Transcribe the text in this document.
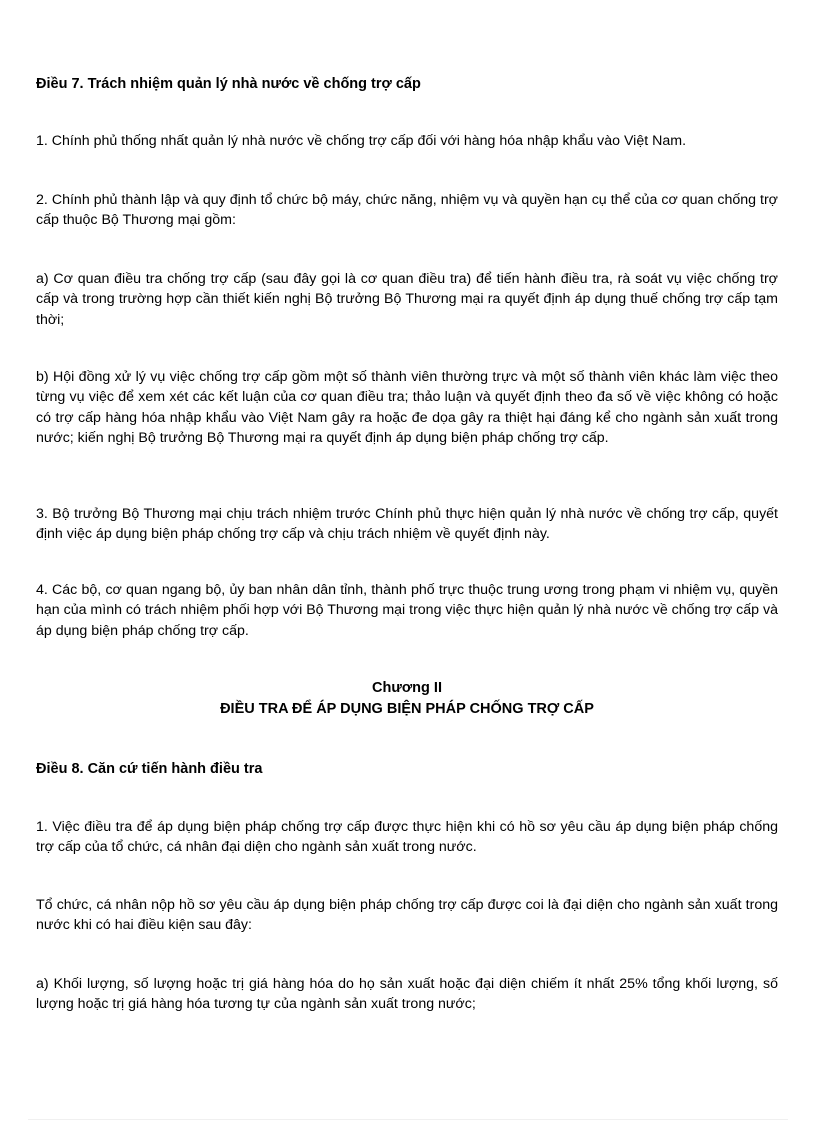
Điều 7. Trách nhiệm quản lý nhà nước về chống trợ cấp

1. Chính phủ thống nhất quản lý nhà nước về chống trợ cấp đối với hàng hóa nhập khẩu vào Việt Nam.

2. Chính phủ thành lập và quy định tổ chức bộ máy, chức năng, nhiệm vụ và quyền hạn cụ thể của cơ quan chống trợ cấp thuộc Bộ Thương mại gồm:

a) Cơ quan điều tra chống trợ cấp (sau đây gọi là cơ quan điều tra) để tiến hành điều tra, rà soát vụ việc chống trợ cấp và trong trường hợp cần thiết kiến nghị Bộ trưởng Bộ Thương mại ra quyết định áp dụng thuế chống trợ cấp tạm thời;

b) Hội đồng xử lý vụ việc chống trợ cấp gồm một số thành viên thường trực và một số thành viên khác làm việc theo từng vụ việc để xem xét các kết luận của cơ quan điều tra; thảo luận và quyết định theo đa số về việc không có hoặc có trợ cấp hàng hóa nhập khẩu vào Việt Nam gây ra hoặc đe dọa gây ra thiệt hại đáng kể cho ngành sản xuất trong nước; kiến nghị Bộ trưởng Bộ Thương mại ra quyết định áp dụng biện pháp chống trợ cấp.

3. Bộ trưởng Bộ Thương mại chịu trách nhiệm trước Chính phủ thực hiện quản lý nhà nước về chống trợ cấp, quyết định việc áp dụng biện pháp chống trợ cấp và chịu trách nhiệm về quyết định này.

4. Các bộ, cơ quan ngang bộ, ủy ban nhân dân tỉnh, thành phố trực thuộc trung ương trong phạm vi nhiệm vụ, quyền hạn của mình có trách nhiệm phối hợp với Bộ Thương mại trong việc thực hiện quản lý nhà nước về chống trợ cấp và áp dụng biện pháp chống trợ cấp.

Chương II
ĐIỀU TRA ĐỂ ÁP DỤNG BIỆN PHÁP CHỐNG TRỢ CẤP

Điều 8. Căn cứ tiến hành điều tra

1. Việc điều tra để áp dụng biện pháp chống trợ cấp được thực hiện khi có hồ sơ yêu cầu áp dụng biện pháp chống trợ cấp của tổ chức, cá nhân đại diện cho ngành sản xuất trong nước.

Tổ chức, cá nhân nộp hồ sơ yêu cầu áp dụng biện pháp chống trợ cấp được coi là đại diện cho ngành sản xuất trong nước khi có hai điều kiện sau đây:

a) Khối lượng, số lượng hoặc trị giá hàng hóa do họ sản xuất hoặc đại diện chiếm ít nhất 25% tổng khối lượng, số lượng hoặc trị giá hàng hóa tương tự của ngành sản xuất trong nước;
